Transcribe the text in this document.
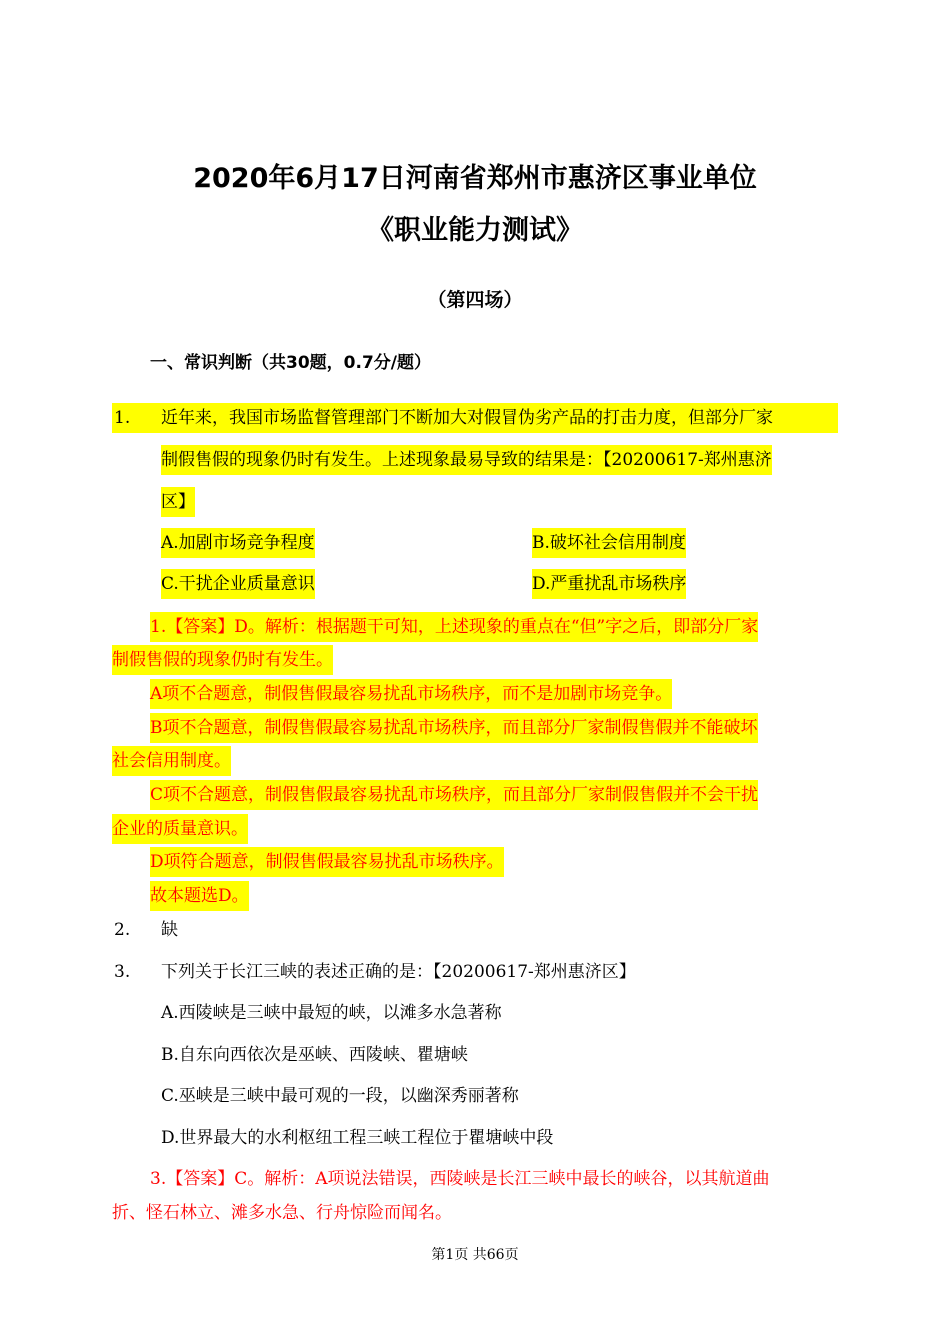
2020年6月17日河南省郑州市惠济区事业单位
《职业能力测试》
（第四场）
一、常识判断（共30题，0.7分/题）
1. 近年来，我国市场监督管理部门不断加大对假冒伪劣产品的打击力度，但部分厂家
制假售假的现象仍时有发生。上述现象最易导致的结果是：【20200617-郑州惠济
区】
A.加剧市场竞争程度	B.破坏社会信用制度
C.干扰企业质量意识	D.严重扰乱市场秩序
1.【答案】D。解析：根据题干可知，上述现象的重点在“但”字之后，即部分厂家
制假售假的现象仍时有发生。
A项不合题意，制假售假最容易扰乱市场秩序，而不是加剧市场竞争。
B项不合题意，制假售假最容易扰乱市场秩序，而且部分厂家制假售假并不能破坏
社会信用制度。
C项不合题意，制假售假最容易扰乱市场秩序，而且部分厂家制假售假并不会干扰
企业的质量意识。
D项符合题意，制假售假最容易扰乱市场秩序。
故本题选D。
2. 缺
3. 下列关于长江三峡的表述正确的是：【20200617-郑州惠济区】
A.西陵峡是三峡中最短的峡，以滩多水急著称
B.自东向西依次是巫峡、西陵峡、瞿塘峡
C.巫峡是三峡中最可观的一段，以幽深秀丽著称
D.世界最大的水利枢纽工程三峡工程位于瞿塘峡中段
3.【答案】C。解析：A项说法错误，西陵峡是长江三峡中最长的峡谷，以其航道曲
折、怪石林立、滩多水急、行舟惊险而闻名。
第1页 共66页
